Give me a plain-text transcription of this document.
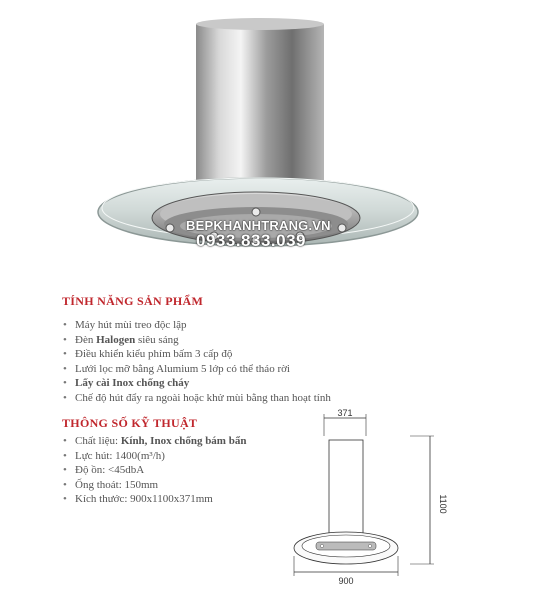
BEPKHANHTRANG.VN
0933.833.039
TÍNH NĂNG SẢN PHẨM
• Máy hút mùi treo độc lập
• Đèn Halogen siêu sáng
• Điều khiển kiểu phím bấm 3 cấp độ
• Lưới lọc mỡ bằng Alumium 5 lớp có thể tháo rời
• Lấy cài Inox chống cháy
• Chế độ hút đẩy ra ngoài hoặc khử mùi bằng than hoạt tính
THÔNG SỐ KỸ THUẬT
• Chất liệu: Kính, Inox chống bám bẩn
• Lực hút: 1400(m³/h)
• Độ ồn: <45dbA
• Ống thoát: 150mm
• Kích thước: 900x1100x371mm
371
1100
900
